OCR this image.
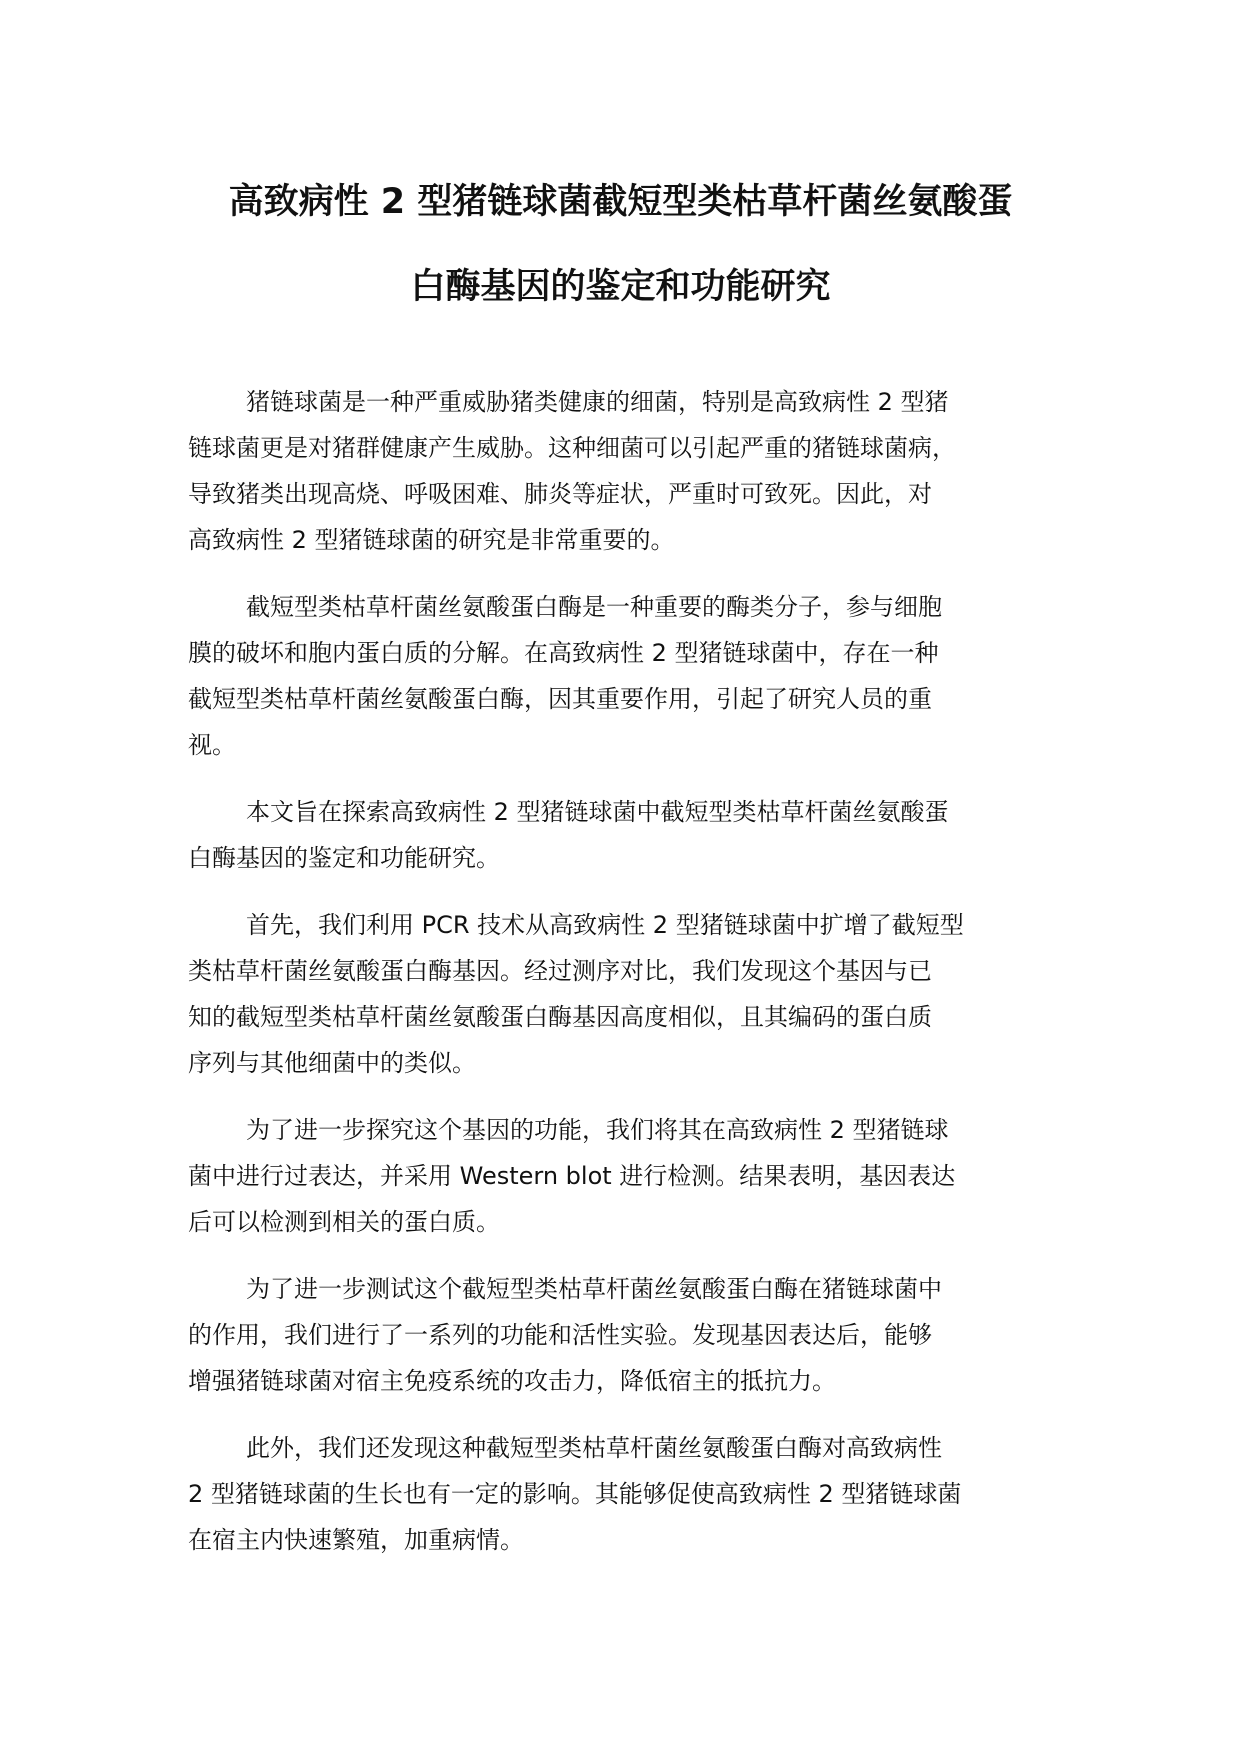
高致病性 2 型猪链球菌截短型类枯草杆菌丝氨酸蛋
白酶基因的鉴定和功能研究

猪链球菌是一种严重威胁猪类健康的细菌，特别是高致病性 2 型猪
链球菌更是对猪群健康产生威胁。这种细菌可以引起严重的猪链球菌病，
导致猪类出现高烧、呼吸困难、肺炎等症状，严重时可致死。因此，对
高致病性 2 型猪链球菌的研究是非常重要的。

截短型类枯草杆菌丝氨酸蛋白酶是一种重要的酶类分子，参与细胞
膜的破坏和胞内蛋白质的分解。在高致病性 2 型猪链球菌中，存在一种
截短型类枯草杆菌丝氨酸蛋白酶，因其重要作用，引起了研究人员的重
视。

本文旨在探索高致病性 2 型猪链球菌中截短型类枯草杆菌丝氨酸蛋
白酶基因的鉴定和功能研究。

首先，我们利用 PCR 技术从高致病性 2 型猪链球菌中扩增了截短型
类枯草杆菌丝氨酸蛋白酶基因。经过测序对比，我们发现这个基因与已
知的截短型类枯草杆菌丝氨酸蛋白酶基因高度相似，且其编码的蛋白质
序列与其他细菌中的类似。

为了进一步探究这个基因的功能，我们将其在高致病性 2 型猪链球
菌中进行过表达，并采用 Western blot 进行检测。结果表明，基因表达
后可以检测到相关的蛋白质。

为了进一步测试这个截短型类枯草杆菌丝氨酸蛋白酶在猪链球菌中
的作用，我们进行了一系列的功能和活性实验。发现基因表达后，能够
增强猪链球菌对宿主免疫系统的攻击力，降低宿主的抵抗力。

此外，我们还发现这种截短型类枯草杆菌丝氨酸蛋白酶对高致病性
2 型猪链球菌的生长也有一定的影响。其能够促使高致病性 2 型猪链球菌
在宿主内快速繁殖，加重病情。
